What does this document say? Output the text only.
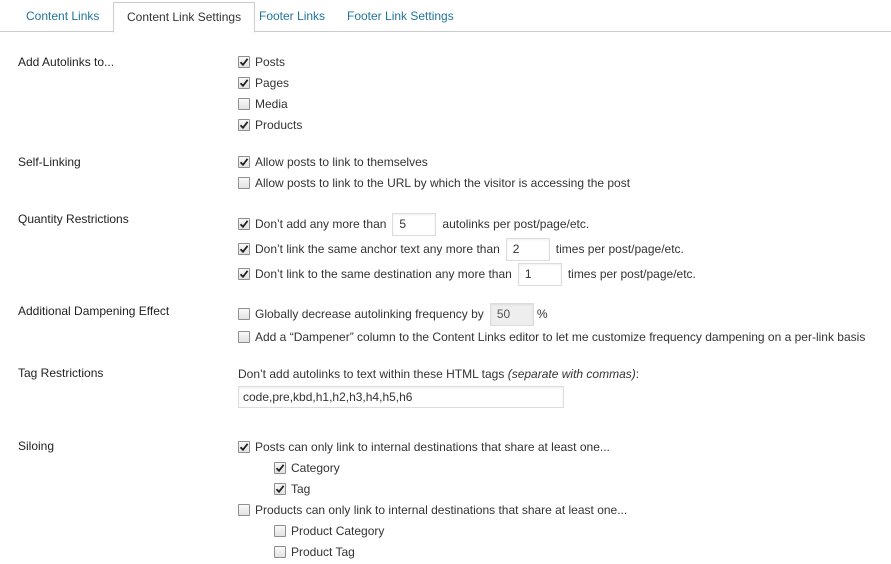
Content Links	Content Link Settings	Footer Links	Footer Link Settings
Add Autolinks to...	Posts
Pages
Media
Products
Self-Linking	Allow posts to link to themselves
Allow posts to link to the URL by which the visitor is accessing the post
Quantity Restrictions	Don’t add any more than	5	autolinks per post/page/etc.
Don’t link the same anchor text any more than	2	times per post/page/etc.
Don’t link to the same destination any more than	1	times per post/page/etc.
Additional Dampening Effect	Globally decrease autolinking frequency by	50	%
Add a “Dampener” column to the Content Links editor to let me customize frequency dampening on a per-link basis
Tag Restrictions	Don’t add autolinks to text within these HTML tags (separate with commas):
code,pre,kbd,h1,h2,h3,h4,h5,h6
Siloing	Posts can only link to internal destinations that share at least one...
Category
Tag
Products can only link to internal destinations that share at least one...
Product Category
Product Tag
